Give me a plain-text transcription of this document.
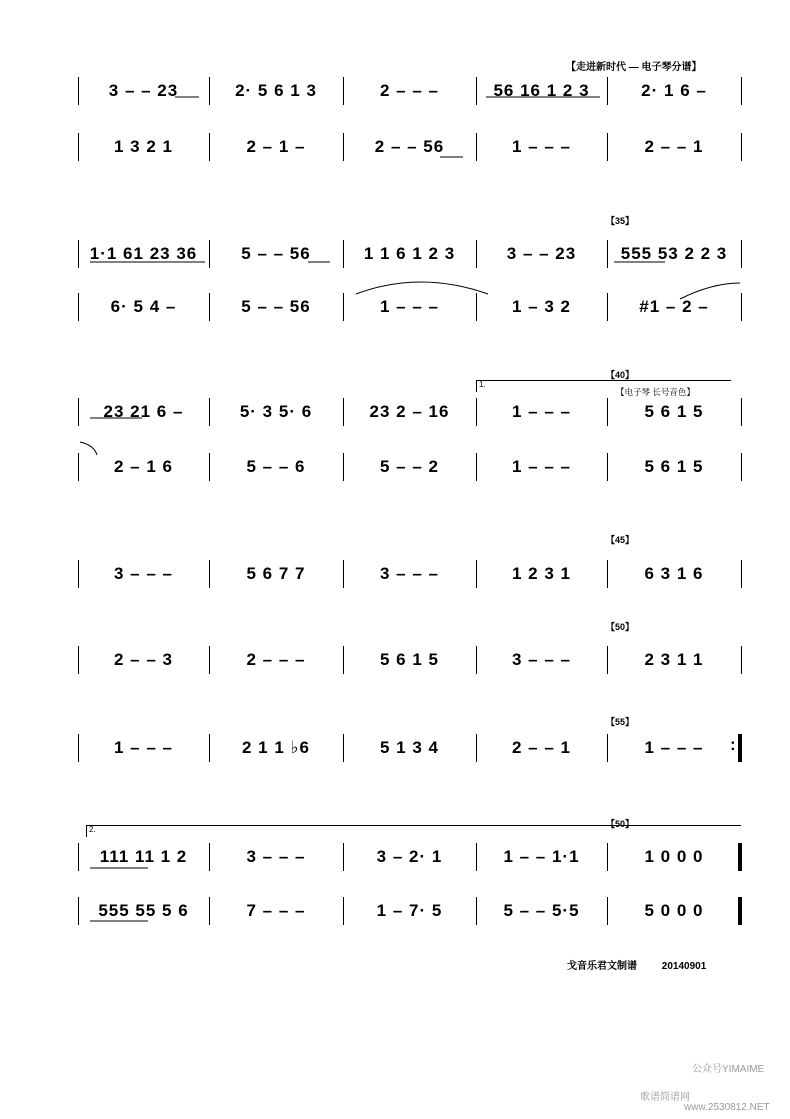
【走进新时代 — 电子琴分谱】
【35】
【40】
【45】
【50】
【55】
【50】
1.
【电子琴 长号音色】
2.
3 – – 23	2· 5 6 1 3	2 – – –	56 16 1 2 3	2· 1 6 –
1 3 2 1	2 – 1 –	2 – – 56	1 – – –	2 – – 1
1·1 61 23 36	5 – – 56	1 1 6 1 2 3	3 – – 23	555 53 2 2 3
6· 5 4 –	5 – – 56	1 – – –	1 – 3 2	#1 – 2 –
23 21 6 –	5· 3 5· 6	23 2 – 16	1 – – –	5 6 1 5
2 – 1 6	5 – – 6	5 – – 2	1 – – –	5 6 1 5
3 – – –	5 6 7 7	3 – – –	1 2 3 1	6 3 1 6
2 – – 3	2 – – –	5 6 1 5	3 – – –	2 3 1 1
1 – – –	2 1 1 ♭6	5 1 3 4	2 – – 1	1 – – – :
111 11 1 2	3 – – –	3 – 2· 1	1 – – 1·1	1 0 0 0
555 55 5 6	7 – – –	1 – 7· 5	5 – – 5·5	5 0 0 0
戈音乐君文制谱 20140901
公众号YIMAIME
歌谱简谱网
www.2530812.NET
